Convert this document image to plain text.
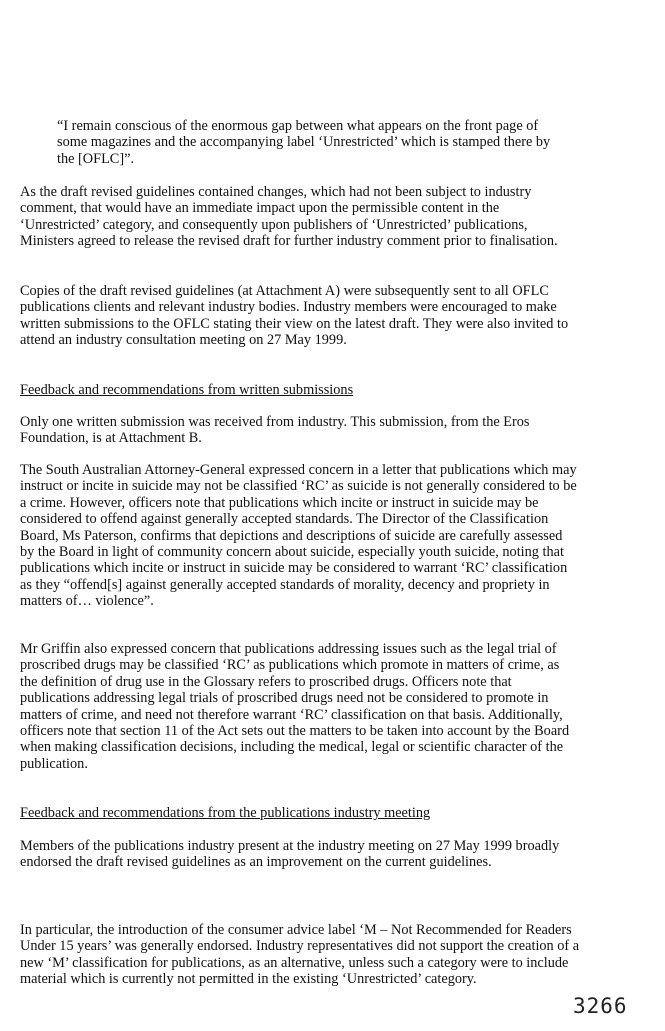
“I remain conscious of the enormous gap between what appears on the front page of some magazines and the accompanying label ‘Unrestricted’ which is stamped there by the [OFLC]”.

As the draft revised guidelines contained changes, which had not been subject to industry comment, that would have an immediate impact upon the permissible content in the ‘Unrestricted’ category, and consequently upon publishers of ‘Unrestricted’ publications, Ministers agreed to release the revised draft for further industry comment prior to finalisation.

Copies of the draft revised guidelines (at Attachment A) were subsequently sent to all OFLC publications clients and relevant industry bodies. Industry members were encouraged to make written submissions to the OFLC stating their view on the latest draft. They were also invited to attend an industry consultation meeting on 27 May 1999.

Feedback and recommendations from written submissions

Only one written submission was received from industry. This submission, from the Eros Foundation, is at Attachment B.

The South Australian Attorney-General expressed concern in a letter that publications which may instruct or incite in suicide may not be classified ‘RC’ as suicide is not generally considered to be a crime. However, officers note that publications which incite or instruct in suicide may be considered to offend against generally accepted standards. The Director of the Classification Board, Ms Paterson, confirms that depictions and descriptions of suicide are carefully assessed by the Board in light of community concern about suicide, especially youth suicide, noting that publications which incite or instruct in suicide may be considered to warrant ‘RC’ classification as they “offend[s] against generally accepted standards of morality, decency and propriety in matters of… violence”.

Mr Griffin also expressed concern that publications addressing issues such as the legal trial of proscribed drugs may be classified ‘RC’ as publications which promote in matters of crime, as the definition of drug use in the Glossary refers to proscribed drugs. Officers note that publications addressing legal trials of proscribed drugs need not be considered to promote in matters of crime, and need not therefore warrant ‘RC’ classification on that basis. Additionally, officers note that section 11 of the Act sets out the matters to be taken into account by the Board when making classification decisions, including the medical, legal or scientific character of the publication.

Feedback and recommendations from the publications industry meeting

Members of the publications industry present at the industry meeting on 27 May 1999 broadly endorsed the draft revised guidelines as an improvement on the current guidelines.

In particular, the introduction of the consumer advice label ‘M – Not Recommended for Readers Under 15 years’ was generally endorsed. Industry representatives did not support the creation of a new ‘M’ classification for publications, as an alternative, unless such a category were to include material which is currently not permitted in the existing ‘Unrestricted’ category.

3266
